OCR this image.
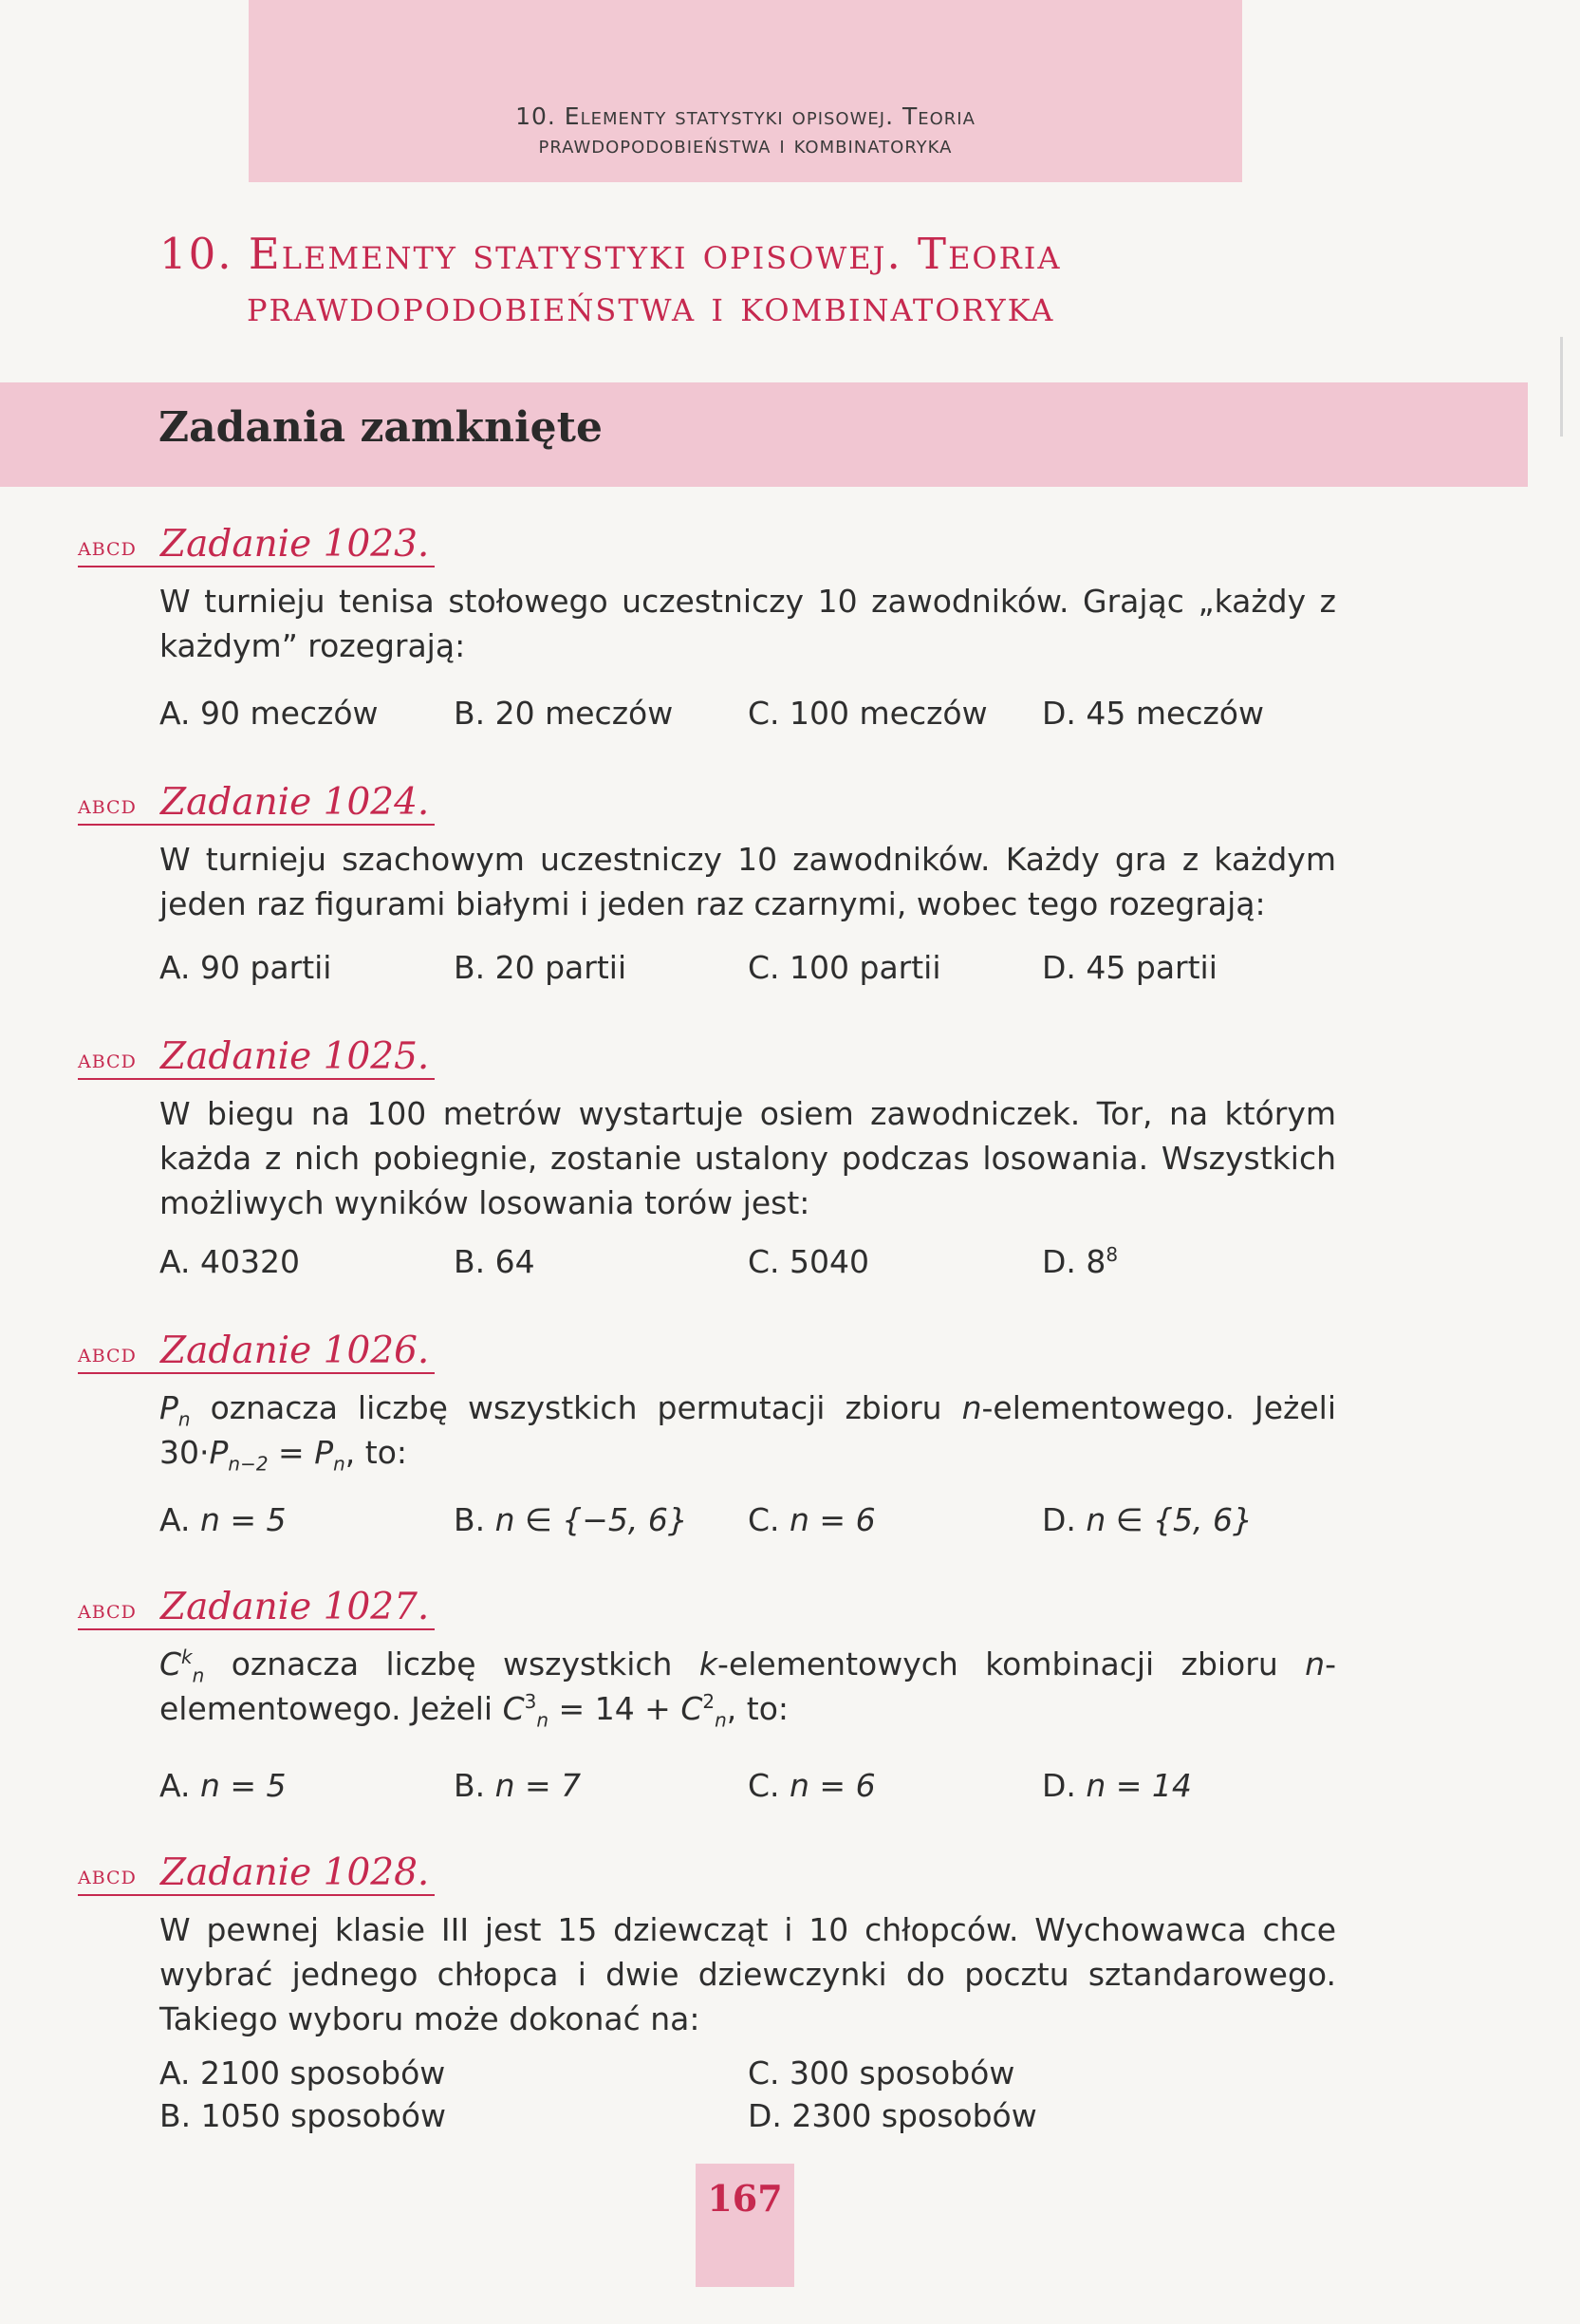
10. Elementy statystyki opisowej. Teoria
prawdopodobieństwa i kombinatoryka
10. Elementy statystyki opisowej. Teoria
prawdopodobieństwa i kombinatoryka
Zadania zamknięte
ABCD Zadanie 1023.
W turnieju tenisa stołowego uczestniczy 10 zawodników. Grając „każdy z każdym” rozegrają:
A. 90 meczów B. 20 meczów C. 100 meczów D. 45 meczów
ABCD Zadanie 1024.
W turnieju szachowym uczestniczy 10 zawodników. Każdy gra z każdym jeden raz figurami białymi i jeden raz czarnymi, wobec tego rozegrają:
A. 90 partii	B. 20 partii	C. 100 partii	D. 45 partii
ABCD Zadanie 1025.
W biegu na 100 metrów wystartuje osiem zawodniczek. Tor, na którym każda z nich pobiegnie, zostanie ustalony podczas losowania. Wszystkich możliwych wyników losowania torów jest:
A. 40320	B. 64	C. 5040	D. $8^8$
ABCD Zadanie 1026.
$P_n$ oznacza liczbę wszystkich permutacji zbioru n-elementowego. Jeżeli $30\cdot P_{n-2} = P_n$, to:
A. n = 5	B. n ∈ {−5, 6} C. n = 6	D. n ∈ {5, 6}
ABCD Zadanie 1027.
$C^k_n$ oznacza liczbę wszystkich k-elementowych kombinacji zbioru n-elementowego. Jeżeli $C^3_n = 14 + C^2_n$, to:
A. n = 5	B. n = 7	C. n = 6	D. n = 14
ABCD Zadanie 1028.
W pewnej klasie III jest 15 dziewcząt i 10 chłopców. Wychowawca chce wybrać jednego chłopca i dwie dziewczynki do pocztu sztandarowego. Takiego wyboru może dokonać na:
A. 2100 sposobów	C. 300 sposobów
B. 1050 sposobów	D. 2300 sposobów
167
